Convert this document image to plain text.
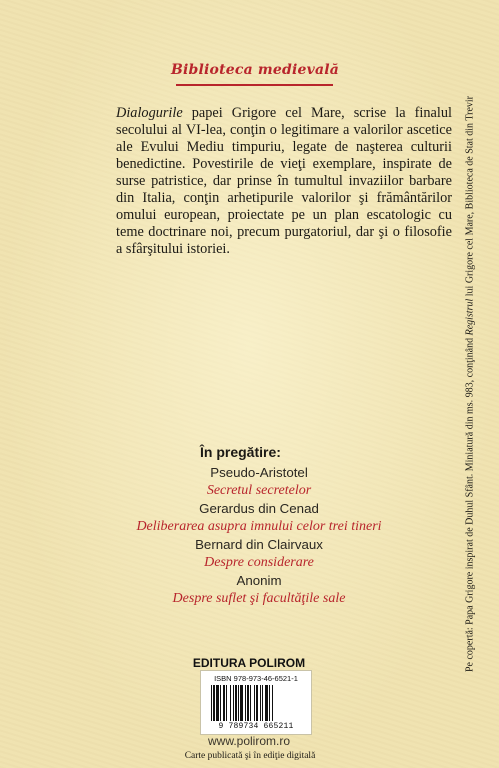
Biblioteca medievală

Dialogurile papei Grigore cel Mare, scrise la finalul secolului al VI-lea, conţin o legitimare a valorilor ascetice ale Evului Mediu timpuriu, legate de naşterea culturii benedictine. Povestirile de vieţi exemplare, inspirate de surse patristice, dar prinse în tumultul invaziilor barbare din Italia, conţin arhetipurile valorilor şi frământărilor omului european, proiectate pe un plan escatologic cu teme doctrinare noi, precum purgatoriul, dar şi o filosofie a sfârşitului istoriei.

În pregătire:
Pseudo-Aristotel
Secretul secretelor
Gerardus din Cenad
Deliberarea asupra imnului celor trei tineri
Bernard din Clairvaux
Despre considerare
Anonim
Despre suflet şi facultăţile sale
EDITURA POLIROM
ISBN 978-973-46-6521-1
9 789734 665211
www.polirom.ro
Carte publicată şi în ediţie digitală
Pe copertă: Papa Grigore inspirat de Duhul Sfânt. Miniatură din ms. 983, conţinând Registrul lui Grigore cel Mare, Biblioteca de Stat din Trevir
